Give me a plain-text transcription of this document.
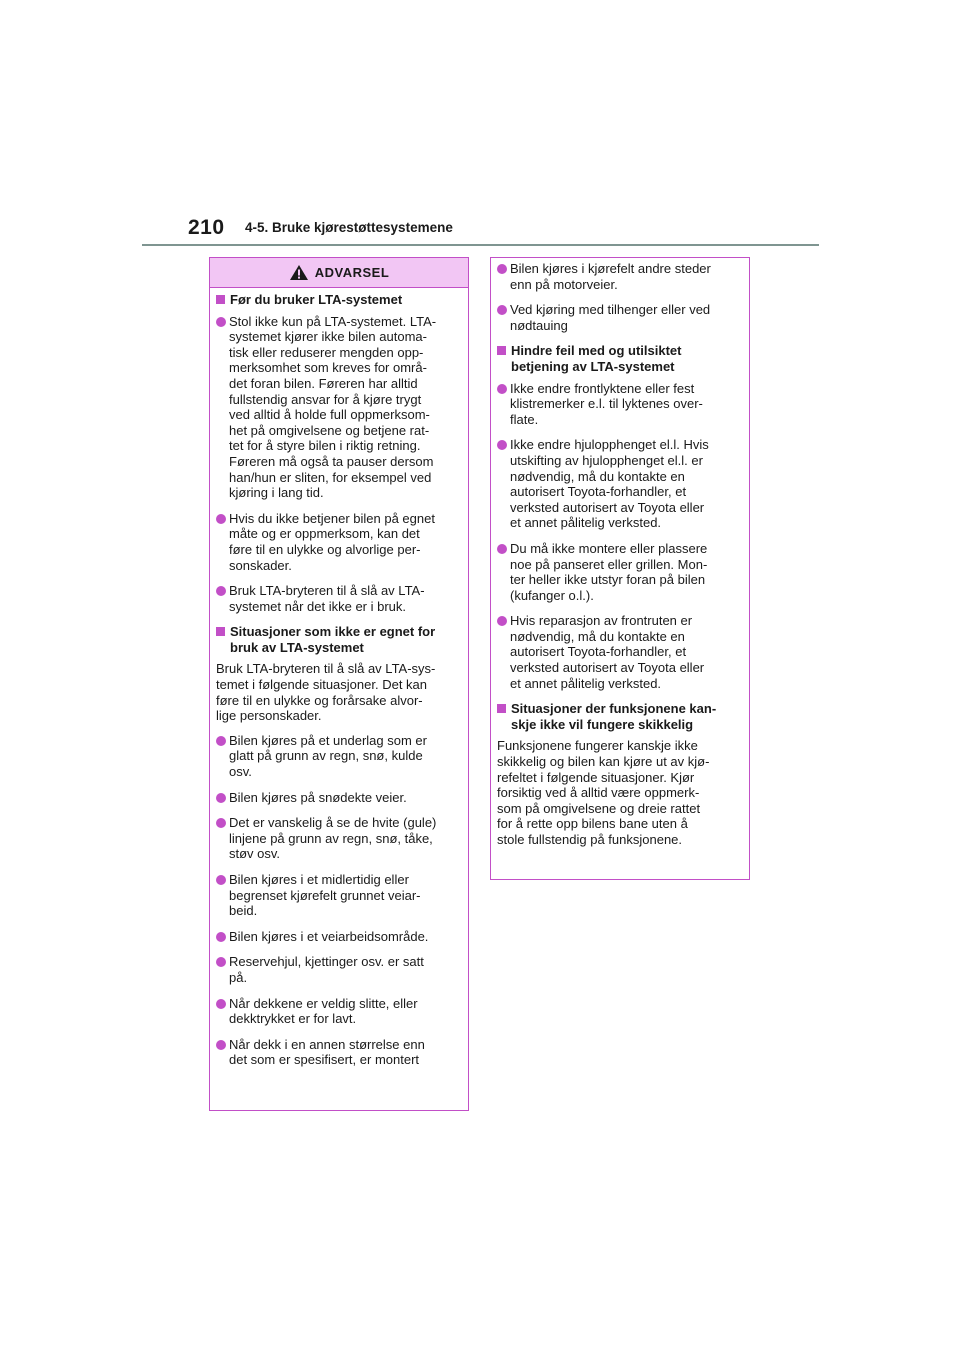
210 4-5. Bruke kjørestøttesystemene
ADVARSEL
Før du bruker LTA-systemet
Stol ikke kun på LTA-systemet. LTA-
systemet kjører ikke bilen automa-
tisk eller reduserer mengden opp-
merksomhet som kreves for områ-
det foran bilen. Føreren har alltid
fullstendig ansvar for å kjøre trygt
ved alltid å holde full oppmerksom-
het på omgivelsene og betjene rat-
tet for å styre bilen i riktig retning.
Føreren må også ta pauser dersom
han/hun er sliten, for eksempel ved
kjøring i lang tid.
Hvis du ikke betjener bilen på egnet
måte og er oppmerksom, kan det
føre til en ulykke og alvorlige per-
sonskader.
Bruk LTA-bryteren til å slå av LTA-
systemet når det ikke er i bruk.
Situasjoner som ikke er egnet for
bruk av LTA-systemet
Bruk LTA-bryteren til å slå av LTA-sys-
temet i følgende situasjoner. Det kan
føre til en ulykke og forårsake alvor-
lige personskader.
Bilen kjøres på et underlag som er
glatt på grunn av regn, snø, kulde
osv.
Bilen kjøres på snødekte veier.
Det er vanskelig å se de hvite (gule)
linjene på grunn av regn, snø, tåke,
støv osv.
Bilen kjøres i et midlertidig eller
begrenset kjørefelt grunnet veiar-
beid.
Bilen kjøres i et veiarbeidsområde.
Reservehjul, kjettinger osv. er satt
på.
Når dekkene er veldig slitte, eller
dekktrykket er for lavt.
Når dekk i en annen størrelse enn
det som er spesifisert, er montert
Bilen kjøres i kjørefelt andre steder
enn på motorveier.
Ved kjøring med tilhenger eller ved
nødtauing
Hindre feil med og utilsiktet
betjening av LTA-systemet
Ikke endre frontlyktene eller fest
klistremerker e.l. til lyktenes over-
flate.
Ikke endre hjulopphenget el.l. Hvis
utskifting av hjulopphenget el.l. er
nødvendig, må du kontakte en
autorisert Toyota-forhandler, et
verksted autorisert av Toyota eller
et annet pålitelig verksted.
Du må ikke montere eller plassere
noe på panseret eller grillen. Mon-
ter heller ikke utstyr foran på bilen
(kufanger o.l.).
Hvis reparasjon av frontruten er
nødvendig, må du kontakte en
autorisert Toyota-forhandler, et
verksted autorisert av Toyota eller
et annet pålitelig verksted.
Situasjoner der funksjonene kan-
skje ikke vil fungere skikkelig
Funksjonene fungerer kanskje ikke
skikkelig og bilen kan kjøre ut av kjø-
refeltet i følgende situasjoner. Kjør
forsiktig ved å alltid være oppmerk-
som på omgivelsene og dreie rattet
for å rette opp bilens bane uten å
stole fullstendig på funksjonene.
